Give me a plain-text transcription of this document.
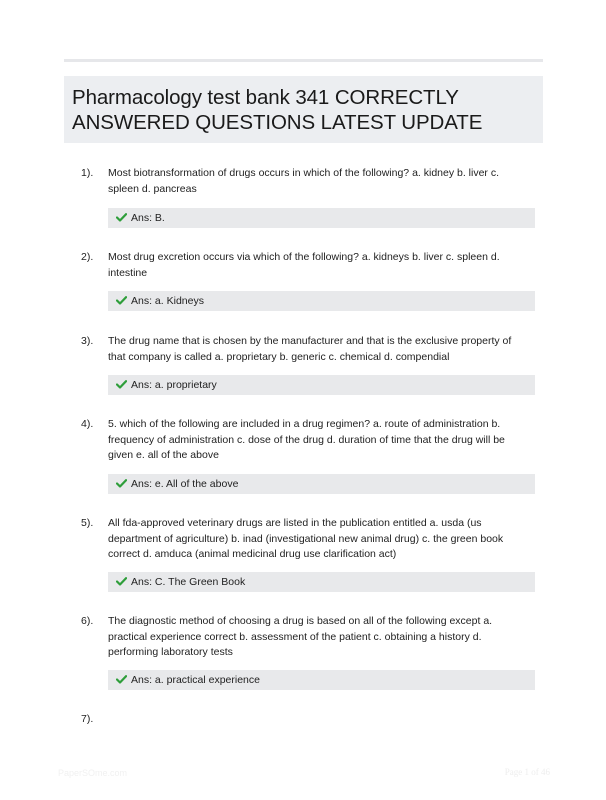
Pharmacology test bank 341 CORRECTLY ANSWERED QUESTIONS LATEST UPDATE
1). Most biotransformation of drugs occurs in which of the following? a. kidney b. liver c. spleen d. pancreas
Ans: B.
2). Most drug excretion occurs via which of the following? a. kidneys b. liver c. spleen d. intestine
Ans: a. Kidneys
3). The drug name that is chosen by the manufacturer and that is the exclusive property of that company is called a. proprietary b. generic c. chemical d. compendial
Ans: a. proprietary
4). 5. which of the following are included in a drug regimen? a. route of administration b. frequency of administration c. dose of the drug d. duration of time that the drug will be given e. all of the above
Ans: e. All of the above
5). All fda-approved veterinary drugs are listed in the publication entitled a. usda (us department of agriculture) b. inad (investigational new animal drug) c. the green book correct d. amduca (animal medicinal drug use clarification act)
Ans: C. The Green Book
6). The diagnostic method of choosing a drug is based on all of the following except a. practical experience correct b. assessment of the patient c. obtaining a history d. performing laboratory tests
Ans: a. practical experience
7).
PaperSOme.com	Page 1 of 46
